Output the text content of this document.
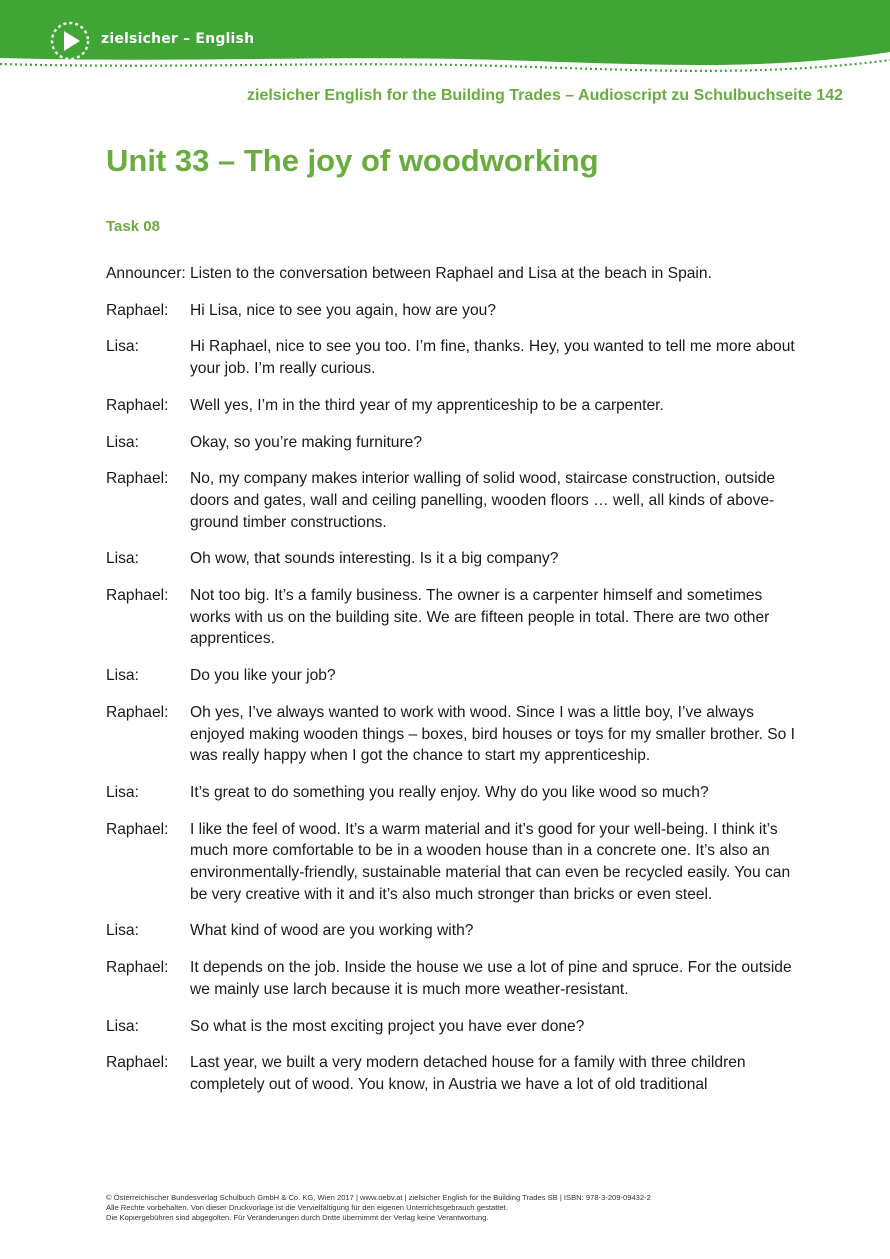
zielsicher – English
zielsicher English for the Building Trades – Audioscript zu Schulbuchseite 142
Unit 33 – The joy of woodworking
Task 08
Announcer: Listen to the conversation between Raphael and Lisa at the beach in Spain.
Raphael:	Hi Lisa, nice to see you again, how are you?
Lisa:	Hi Raphael, nice to see you too. I’m fine, thanks. Hey, you wanted to tell me more about your job. I’m really curious.
Raphael:	Well yes, I’m in the third year of my apprenticeship to be a carpenter.
Lisa:	Okay, so you’re making furniture?
Raphael:	No, my company makes interior walling of solid wood, staircase construction, outside doors and gates, wall and ceiling panelling, wooden floors … well, all kinds of above-ground timber constructions.
Lisa:	Oh wow, that sounds interesting. Is it a big company?
Raphael:	Not too big. It’s a family business. The owner is a carpenter himself and sometimes works with us on the building site. We are fifteen people in total. There are two other apprentices.
Lisa:	Do you like your job?
Raphael:	Oh yes, I’ve always wanted to work with wood. Since I was a little boy, I’ve always enjoyed making wooden things – boxes, bird houses or toys for my smaller brother. So I was really happy when I got the chance to start my apprenticeship.
Lisa:	It’s great to do something you really enjoy. Why do you like wood so much?
Raphael:	I like the feel of wood. It’s a warm material and it’s good for your well-being. I think it’s much more comfortable to be in a wooden house than in a concrete one. It’s also an environmentally-friendly, sustainable material that can even be recycled easily. You can be very creative with it and it’s also much stronger than bricks or even steel.
Lisa:	What kind of wood are you working with?
Raphael:	It depends on the job. Inside the house we use a lot of pine and spruce. For the outside we mainly use larch because it is much more weather-resistant.
Lisa:	So what is the most exciting project you have ever done?
Raphael:	Last year, we built a very modern detached house for a family with three children completely out of wood. You know, in Austria we have a lot of old traditional
© Österreichischer Bundesverlag Schulbuch GmbH & Co. KG, Wien 2017 | www.oebv.at | zielsicher English for the Building Trades SB | ISBN: 978-3-209-09432-2
Alle Rechte vorbehalten. Von dieser Druckvorlage ist die Vervielfältigung für den eigenen Unterrichtsgebrauch gestattet.
Die Kopiergebühren sind abgegolten. Für Veränderungen durch Dritte übernimmt der Verlag keine Verantwortung.
